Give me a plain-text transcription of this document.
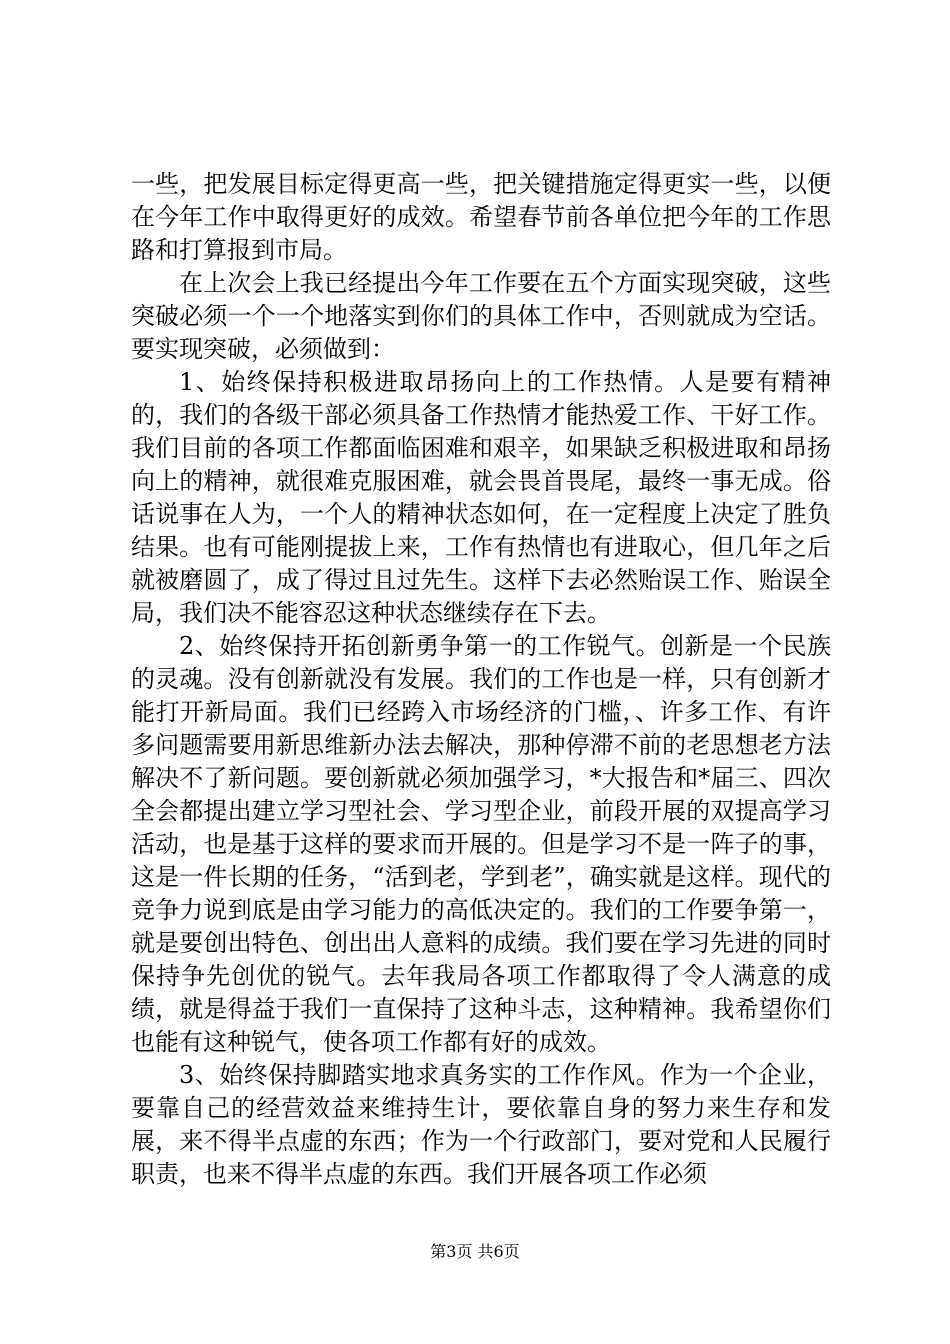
一些，把发展目标定得更高一些，把关键措施定得更实一些，以便在今年工作中取得更好的成效。希望春节前各单位把今年的工作思路和打算报到市局。

在上次会上我已经提出今年工作要在五个方面实现突破，这些突破必须一个一个地落实到你们的具体工作中，否则就成为空话。要实现突破，必须做到：

1、始终保持积极进取昂扬向上的工作热情。人是要有精神的，我们的各级干部必须具备工作热情才能热爱工作、干好工作。我们目前的各项工作都面临困难和艰辛，如果缺乏积极进取和昂扬向上的精神，就很难克服困难，就会畏首畏尾，最终一事无成。俗话说事在人为，一个人的精神状态如何，在一定程度上决定了胜负结果。也有可能刚提拔上来，工作有热情也有进取心，但几年之后就被磨圆了，成了得过且过先生。这样下去必然贻误工作、贻误全局，我们决不能容忍这种状态继续存在下去。

2、始终保持开拓创新勇争第一的工作锐气。创新是一个民族的灵魂。没有创新就没有发展。我们的工作也是一样，只有创新才能打开新局面。我们已经跨入市场经济的门槛，、许多工作、有许多问题需要用新思维新办法去解决，那种停滞不前的老思想老方法解决不了新问题。要创新就必须加强学习，*大报告和*届三、四次全会都提出建立学习型社会、学习型企业，前段开展的双提高学习活动，也是基于这样的要求而开展的。但是学习不是一阵子的事，这是一件长期的任务，“活到老，学到老”，确实就是这样。现代的竞争力说到底是由学习能力的高低决定的。我们的工作要争第一，就是要创出特色、创出出人意料的成绩。我们要在学习先进的同时保持争先创优的锐气。去年我局各项工作都取得了令人满意的成绩，就是得益于我们一直保持了这种斗志，这种精神。我希望你们也能有这种锐气，使各项工作都有好的成效。

3、始终保持脚踏实地求真务实的工作作风。作为一个企业，要靠自己的经营效益来维持生计，要依靠自身的努力来生存和发展，来不得半点虚的东西；作为一个行政部门，要对党和人民履行职责，也来不得半点虚的东西。我们开展各项工作必须

第3页 共6页
